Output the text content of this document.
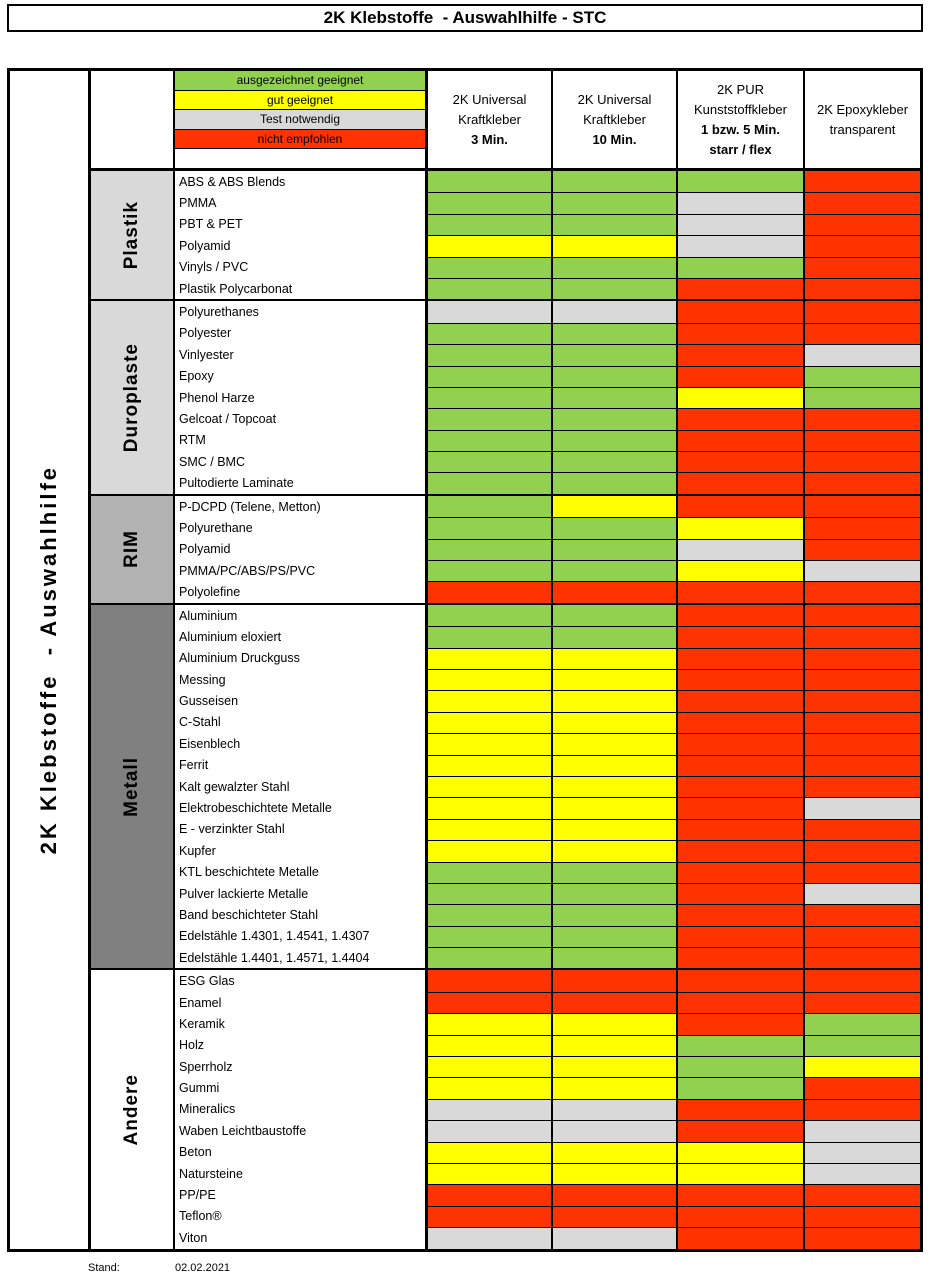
2K Klebstoffe  - Auswahlhilfe - STC
2K Klebstoffe  - Auswahlhilfe
ausgezeichnet geeignet
gut geeignet
Test notwendig
nicht empfohlen
2K Universal
Kraftkleber
3 Min.
2K Universal
Kraftkleber
10 Min.
2K PUR
Kunststoffkleber
1 bzw. 5 Min.
starr / flex
2K Epoxykleber
transparent
Plastik
ABS & ABS Blends
PMMA
PBT & PET
Polyamid
Vinyls / PVC
Plastik Polycarbonat
Duroplaste
Polyurethanes
Polyester
Vinlyester
Epoxy
Phenol Harze
Gelcoat / Topcoat
RTM
SMC / BMC
Pultodierte Laminate
RIM
P-DCPD (Telene, Metton)
Polyurethane
Polyamid
PMMA/PC/ABS/PS/PVC
Polyolefine
Metall
Aluminium
Aluminium eloxiert
Aluminium Druckguss
Messing
Gusseisen
C-Stahl
Eisenblech
Ferrit
Kalt gewalzter Stahl
Elektrobeschichtete Metalle
E - verzinkter Stahl
Kupfer
KTL beschichtete Metalle
Pulver lackierte Metalle
Band beschichteter Stahl
Edelstähle 1.4301, 1.4541, 1.4307
Edelstähle 1.4401, 1.4571, 1.4404
Andere
ESG Glas
Enamel
Keramik
Holz
Sperrholz
Gummi
Mineralics
Waben Leichtbaustoffe
Beton
Natursteine
PP/PE
Teflon®
Viton
Stand:	02.02.2021
